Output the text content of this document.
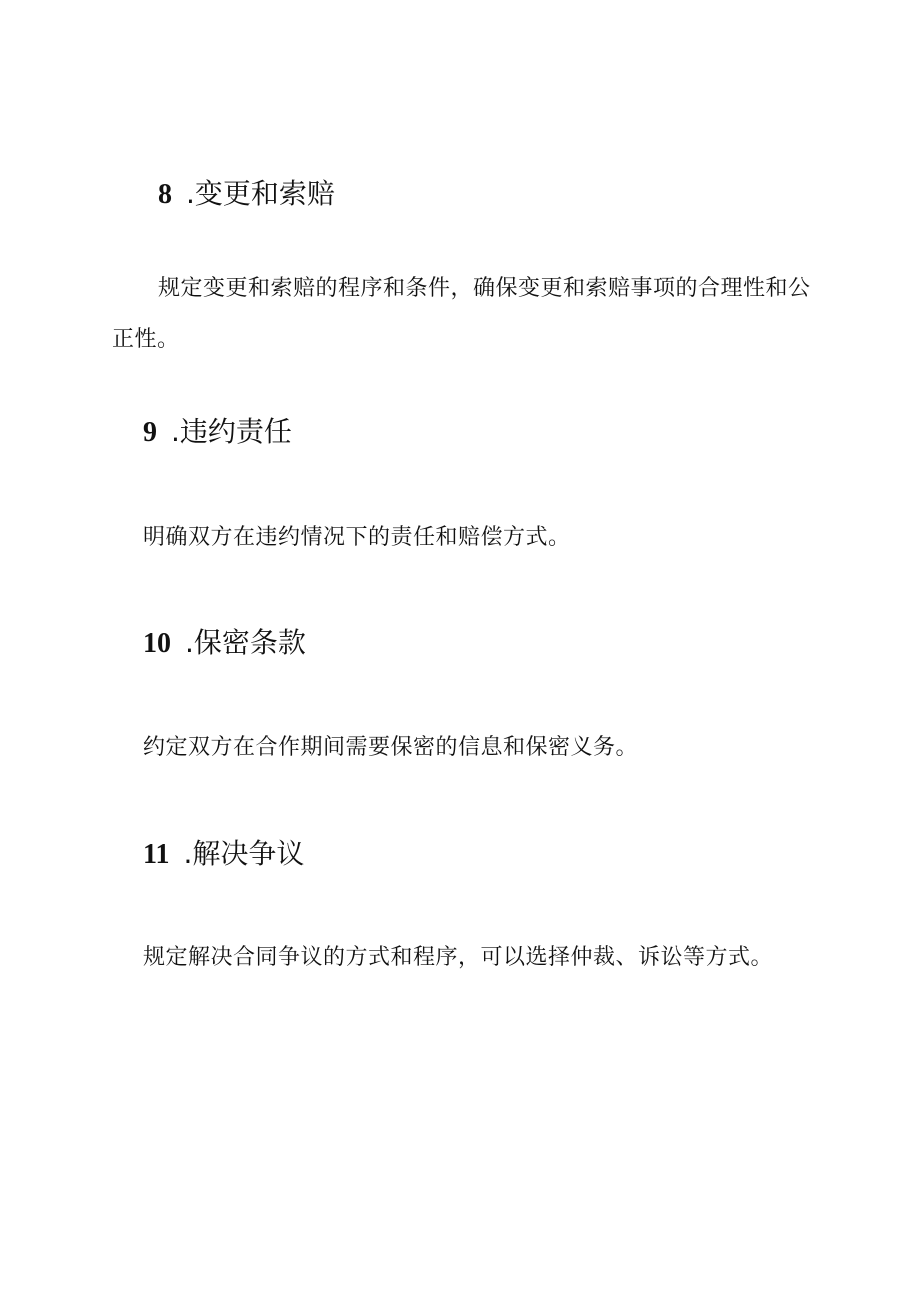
8 .变更和索赔
规定变更和索赔的程序和条件，确保变更和索赔事项的合理性和公正性。
9 .违约责任
明确双方在违约情况下的责任和赔偿方式。
10 .保密条款
约定双方在合作期间需要保密的信息和保密义务。
11 .解决争议
规定解决合同争议的方式和程序，可以选择仲裁、诉讼等方式。
